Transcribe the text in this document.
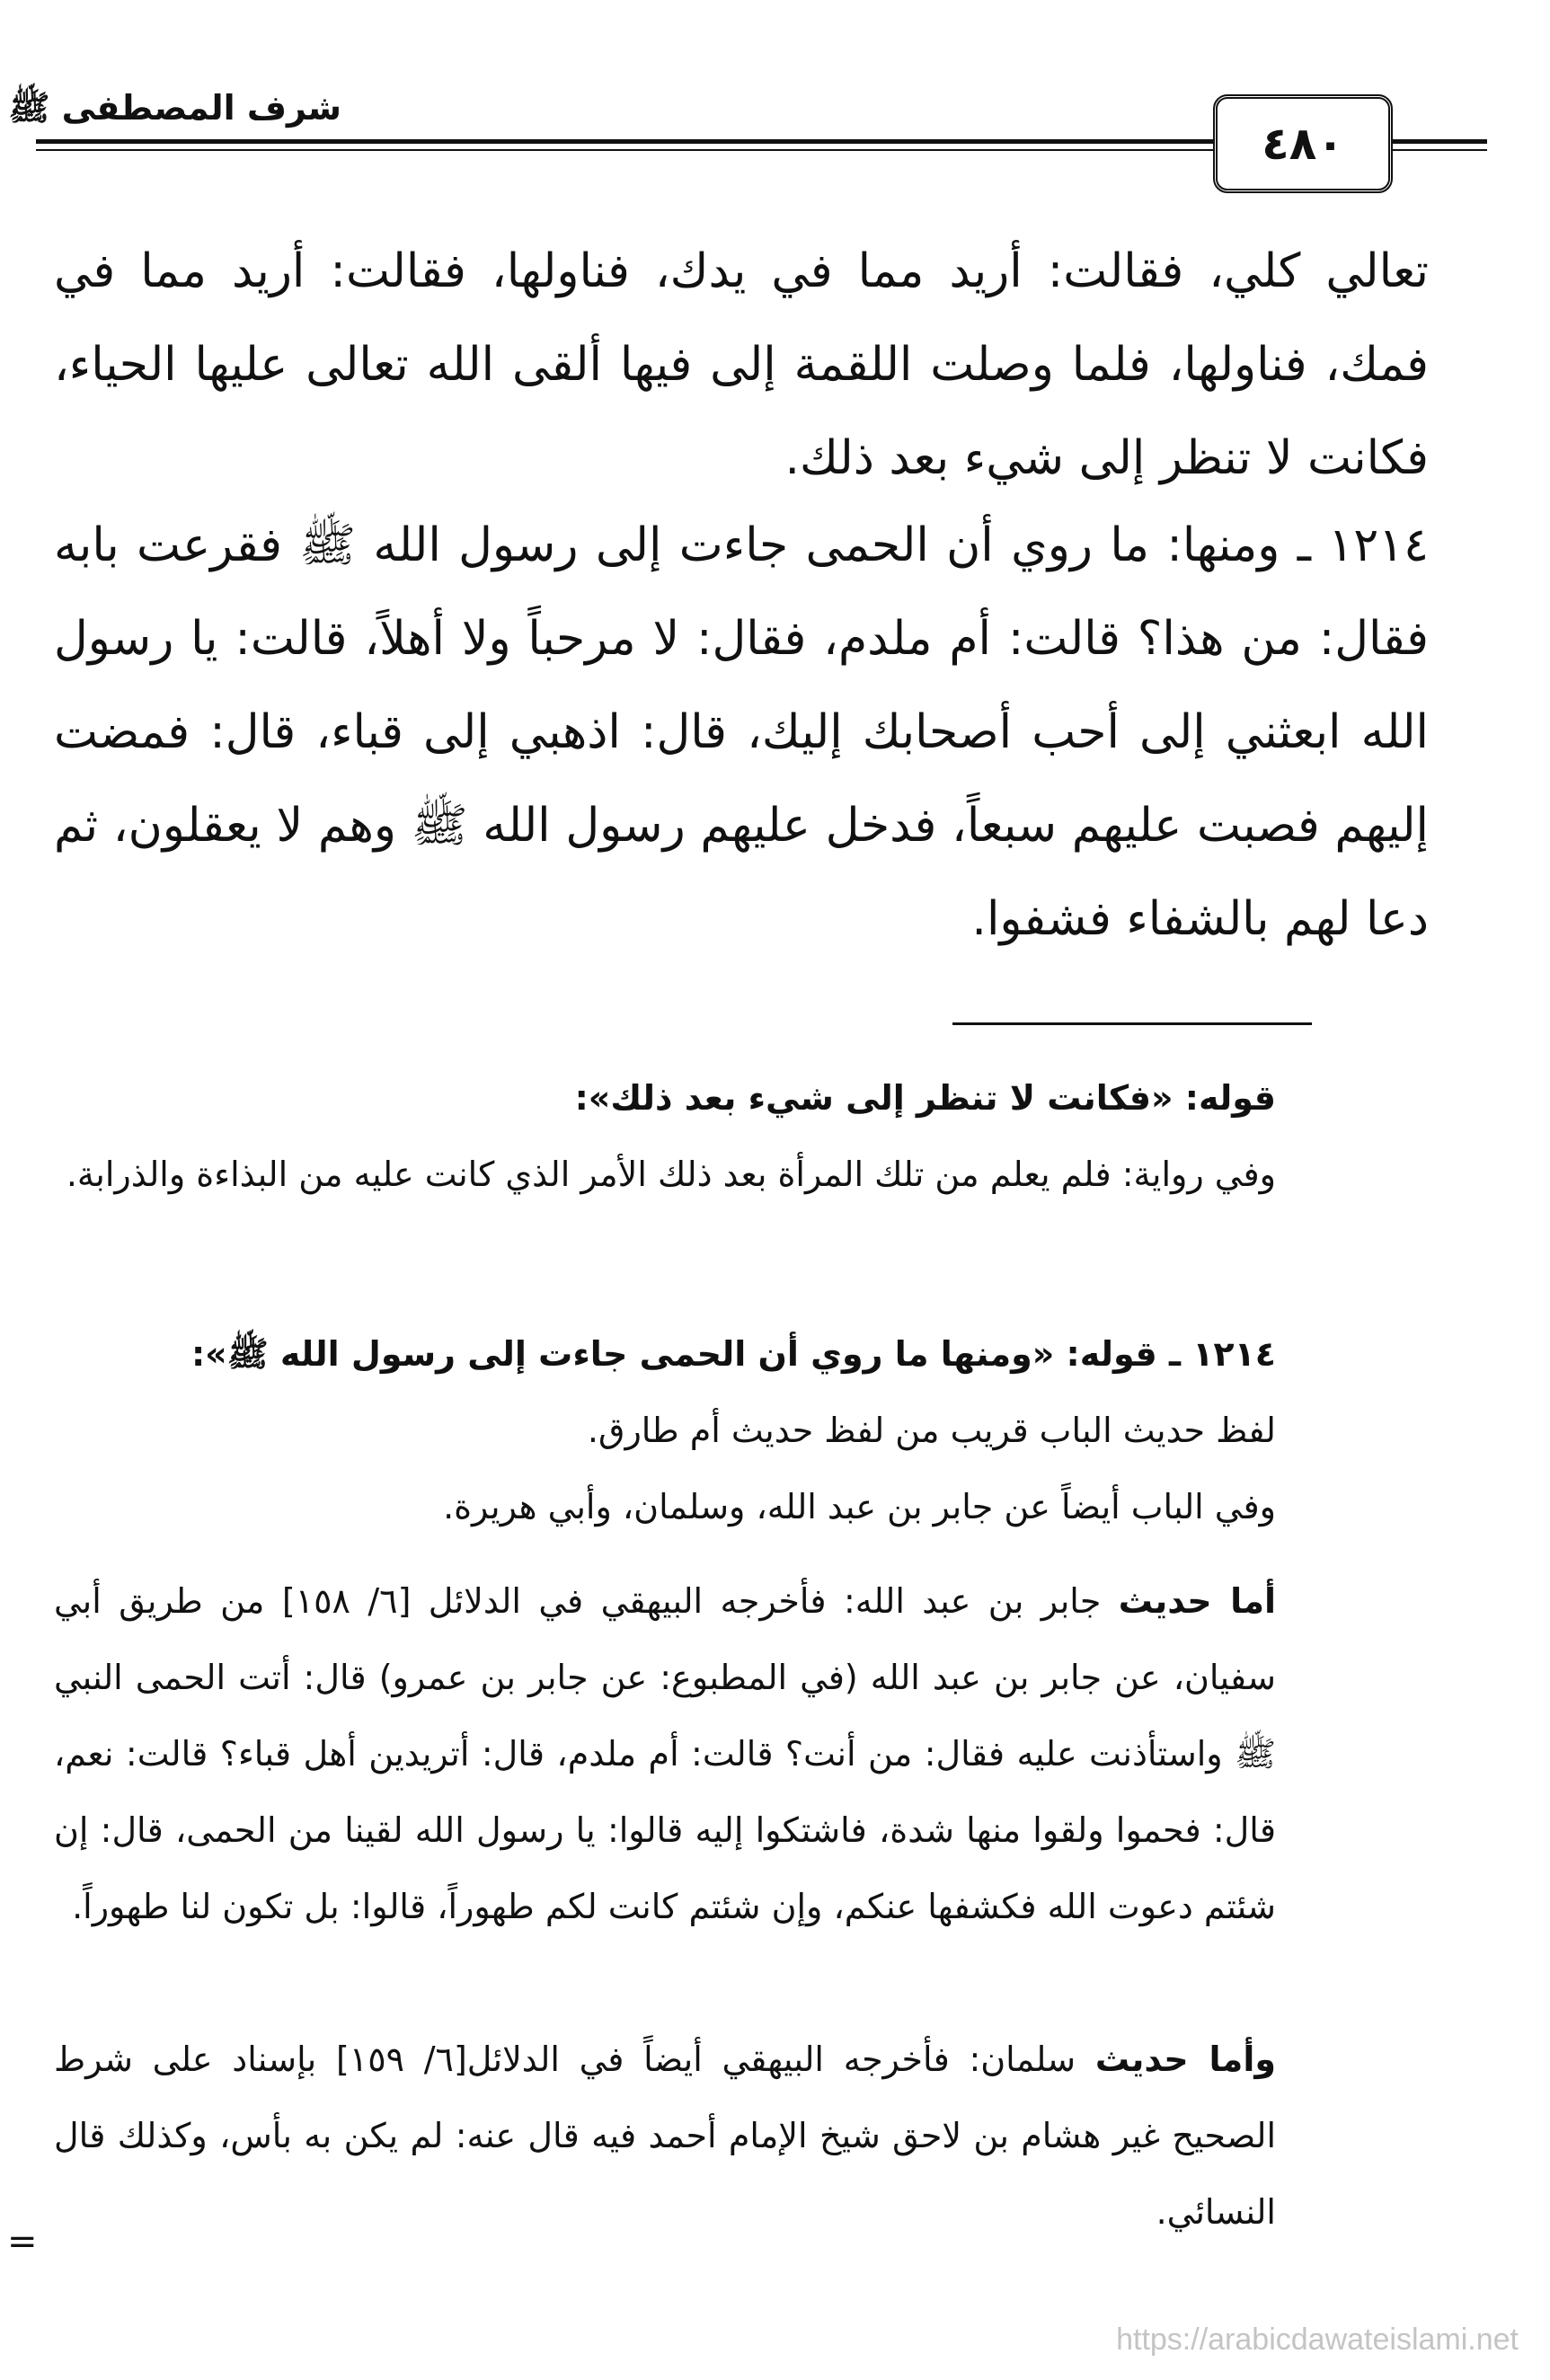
شرف المصطفى ﷺ
٤٨٠

تعالي كلي، فقالت: أريد مما في يدك، فناولها، فقالت: أريد مما في فمك، فناولها، فلما وصلت اللقمة إلى فيها ألقى الله تعالى عليها الحياء، فكانت لا تنظر إلى شيء بعد ذلك.

١٢١٤ ـ ومنها: ما روي أن الحمى جاءت إلى رسول الله ﷺ فقرعت بابه فقال: من هذا؟ قالت: أم ملدم، فقال: لا مرحباً ولا أهلاً، قالت: يا رسول الله ابعثني إلى أحب أصحابك إليك، قال: اذهبي إلى قباء، قال: فمضت إليهم فصبت عليهم سبعاً، فدخل عليهم رسول الله ﷺ وهم لا يعقلون، ثم دعا لهم بالشفاء فشفوا.

قوله: «فكانت لا تنظر إلى شيء بعد ذلك»:

وفي رواية: فلم يعلم من تلك المرأة بعد ذلك الأمر الذي كانت عليه من البذاءة والذرابة.

١٢١٤ ـ قوله: «ومنها ما روي أن الحمى جاءت إلى رسول الله ﷺ»:

لفظ حديث الباب قريب من لفظ حديث أم طارق.

وفي الباب أيضاً عن جابر بن عبد الله، وسلمان، وأبي هريرة.

أما حديث جابر بن عبد الله: فأخرجه البيهقي في الدلائل [٦/ ١٥٨] من طريق أبي سفيان، عن جابر بن عبد الله (في المطبوع: عن جابر بن عمرو) قال: أتت الحمى النبي ﷺ واستأذنت عليه فقال: من أنت؟ قالت: أم ملدم، قال: أتريدين أهل قباء؟ قالت: نعم، قال: فحموا ولقوا منها شدة، فاشتكوا إليه قالوا: يا رسول الله لقينا من الحمى، قال: إن شئتم دعوت الله فكشفها عنكم، وإن شئتم كانت لكم طهوراً، قالوا: بل تكون لنا طهوراً.

وأما حديث سلمان: فأخرجه البيهقي أيضاً في الدلائل[٦/ ١٥٩] بإسناد على شرط الصحيح غير هشام بن لاحق شيخ الإمام أحمد فيه قال عنه: لم يكن به بأس، وكذلك قال النسائي.

=
https://arabicdawateislami.net
